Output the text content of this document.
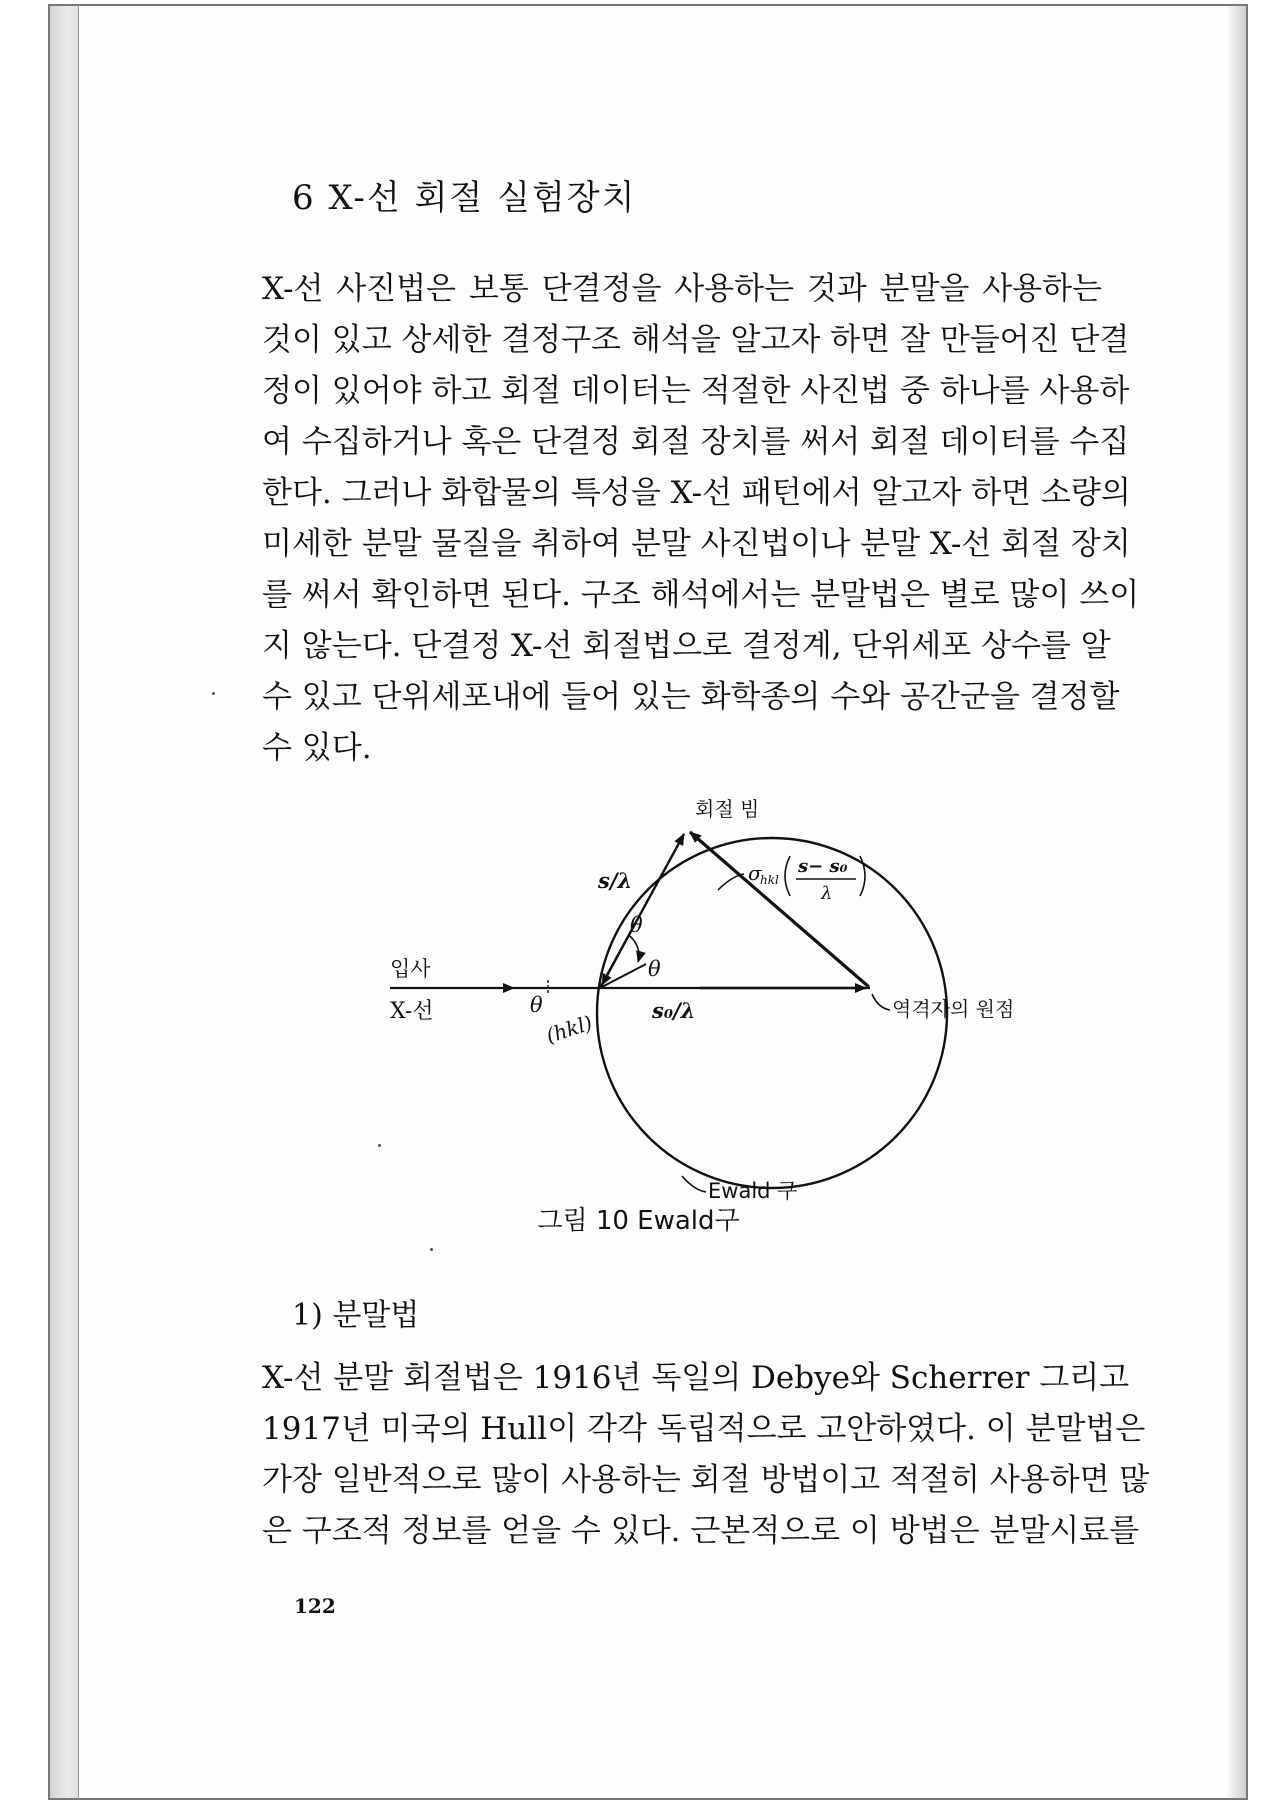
6 X-선 회절 실험장치
X-선 사진법은 보통 단결정을 사용하는 것과 분말을 사용하는
것이 있고 상세한 결정구조 해석을 알고자 하면 잘 만들어진 단결
정이 있어야 하고 회절 데이터는 적절한 사진법 중 하나를 사용하
여 수집하거나 혹은 단결정 회절 장치를 써서 회절 데이터를 수집
한다. 그러나 화합물의 특성을 X-선 패턴에서 알고자 하면 소량의
미세한 분말 물질을 취하여 분말 사진법이나 분말 X-선 회절 장치
를 써서 확인하면 된다. 구조 해석에서는 분말법은 별로 많이 쓰이
지 않는다. 단결정 X-선 회절법으로 결정계, 단위세포 상수를 알
수 있고 단위세포내에 들어 있는 화학종의 수와 공간군을 결정할
수 있다.
회절 빔
s/λ	σ
hkl
s− s₀
λ
θ
θ
θ
입사
X-선	(hkl)
s₀/λ	역격자의 원점
Ewald 구
그림 10 Ewald구
1) 분말법
X-선 분말 회절법은 1916년 독일의 Debye와 Scherrer 그리고
1917년 미국의 Hull이 각각 독립적으로 고안하였다. 이 분말법은
가장 일반적으로 많이 사용하는 회절 방법이고 적절히 사용하면 많
은 구조적 정보를 얻을 수 있다. 근본적으로 이 방법은 분말시료를
122
